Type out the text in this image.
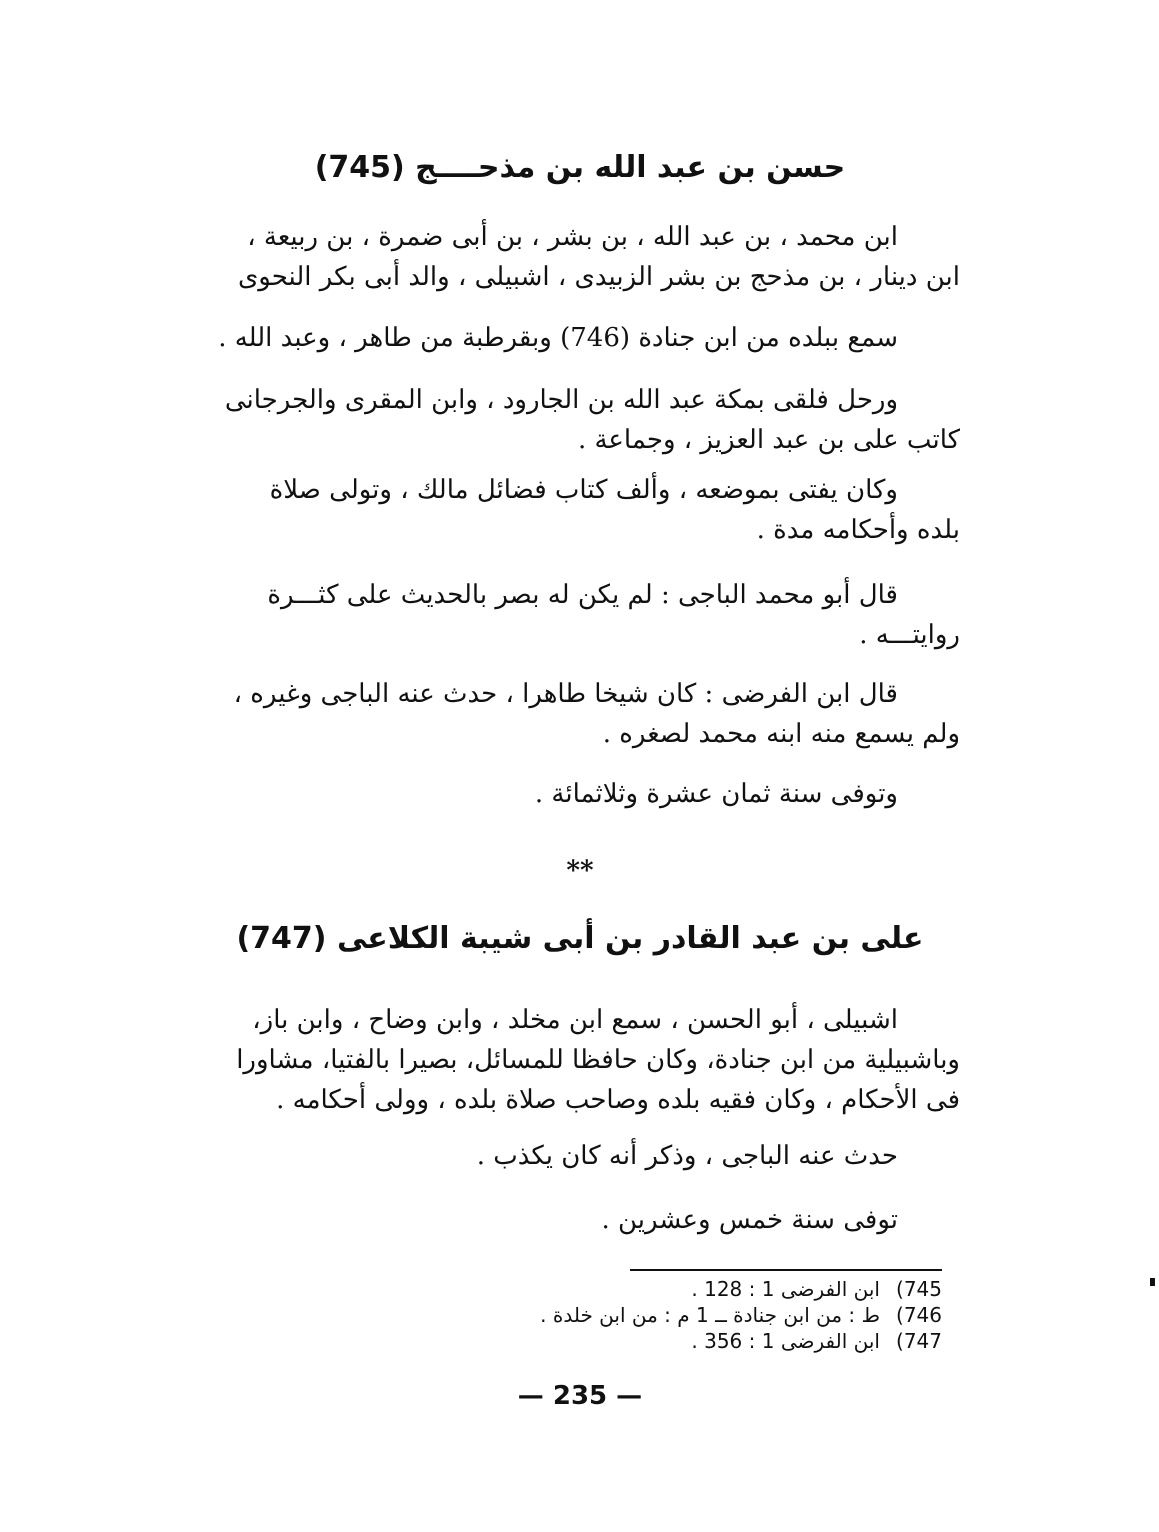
حسن بن عبد الله بن مذحــــج (745)
ابن محمد ، بن عبد الله ، بن بشر ، بن أبى ضمرة ، بن ربيعة ،
ابن دينار ، بن مذحج بن بشر الزبيدى ، اشبيلى ، والد أبى بكر النحوى
سمع ببلده من ابن جنادة (746) وبقرطبة من طاهر ، وعبد الله .
ورحل فلقى بمكة عبد الله بن الجارود ، وابن المقرى والجرجانى
كاتب على بن عبد العزيز ، وجماعة .
وكان يفتى بموضعه ، وألف كتاب فضائل مالك ، وتولى صلاة
بلده وأحكامه مدة .
قال أبو محمد الباجى : لم يكن له بصر بالحديث على كثـــرة
روايتـــه .
قال ابن الفرضى : كان شيخا طاهرا ، حدث عنه الباجى وغيره ،
ولم يسمع منه ابنه محمد لصغره .
وتوفى سنة ثمان عشرة وثلاثمائة .
**
على بن عبد القادر بن أبى شيبة الكلاعى (747)
اشبيلى ، أبو الحسن ، سمع ابن مخلد ، وابن وضاح ، وابن باز،
وباشبيلية من ابن جنادة، وكان حافظا للمسائل، بصيرا بالفتيا، مشاورا
فى الأحكام ، وكان فقيه بلده وصاحب صلاة بلده ، وولى أحكامه .
حدث عنه الباجى ، وذكر أنه كان يكذب .
توفى سنة خمس وعشرين .
745)ابن الفرضى 1 : 128 .
746)ط : من ابن جنادة ــ 1 م : من ابن خلدة .
747)ابن الفرضى 1 : 356 .
— 235 —
